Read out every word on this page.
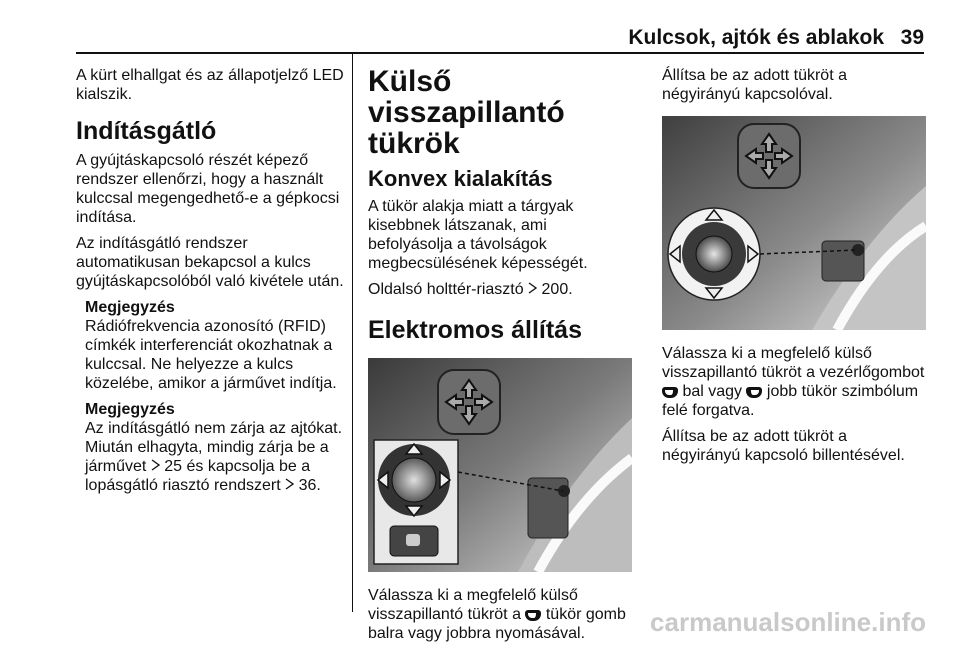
Kulcsok, ajtók és ablakok 39

A kürt elhallgat és az állapotjelző LED kialszik.

Indításgátló

A gyújtáskapcsoló részét képező rendszer ellenőrzi, hogy a használt kulccsal megengedhető-e a gépkocsi indítása.

Az indításgátló rendszer automatikusan bekapcsol a kulcs gyújtáskapcsolóból való kivétele után.

Megjegyzés

Rádiófrekvencia azonosító (RFID) címkék interferenciát okozhatnak a kulccsal. Ne helyezze a kulcs közelébe, amikor a járművet indítja.

Megjegyzés

Az indításgátló nem zárja az ajtókat. Miután elhagyta, mindig zárja be a járművet  25 és kapcsolja be a lopásgátló riasztó rendszert  36.

Külső visszapillantó tükrök
Konvex kialakítás

A tükör alakja miatt a tárgyak kisebbnek látszanak, ami befolyásolja a távolságok megbecsülésének képességét.

Oldalsó holttér-riasztó  200.

Elektromos állítás

Válassza ki a megfelelő külső visszapillantó tükröt a  tükör gomb balra vagy jobbra nyomásával.

Állítsa be az adott tükröt a négyirányú kapcsolóval.

Válassza ki a megfelelő külső visszapillantó tükröt a vezérlőgombot  bal vagy  jobb tükör szimbólum felé forgatva.

Állítsa be az adott tükröt a négyirányú kapcsoló billentésével.

carmanualsonline.info
